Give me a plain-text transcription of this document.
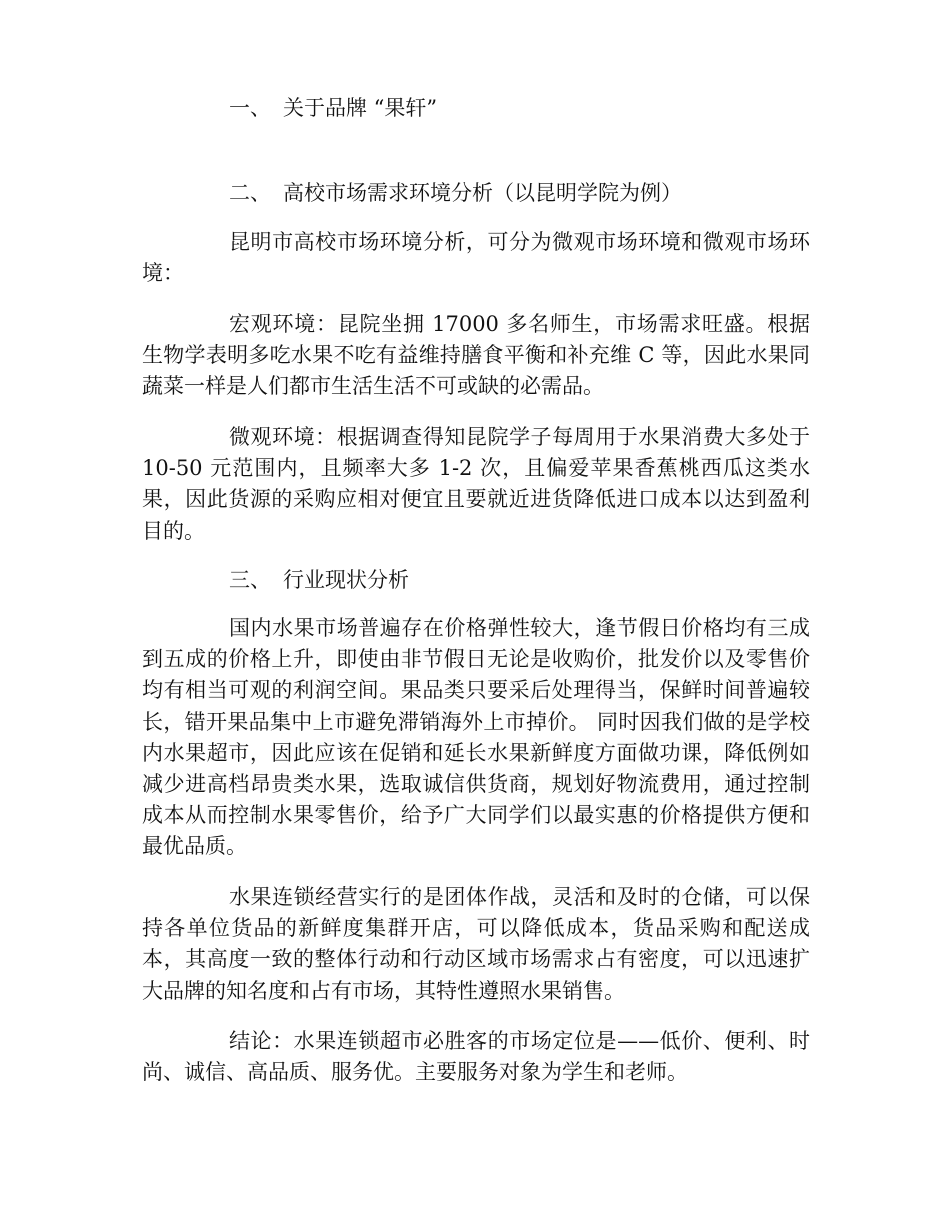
一、 关于品牌 “果轩”
二、 高校市场需求环境分析（以昆明学院为例）

昆明市高校市场环境分析，可分为微观市场环境和微观市场环境：

宏观环境：昆院坐拥 17000 多名师生，市场需求旺盛。根据生物学表明多吃水果不吃有益维持膳食平衡和补充维 C 等，因此水果同蔬菜一样是人们都市生活生活不可或缺的必需品。

微观环境：根据调查得知昆院学子每周用于水果消费大多处于 10-50 元范围内，且频率大多 1-2 次，且偏爱苹果香蕉桃西瓜这类水果，因此货源的采购应相对便宜且要就近进货降低进口成本以达到盈利目的。

三、 行业现状分析

国内水果市场普遍存在价格弹性较大，逢节假日价格均有三成到五成的价格上升，即使由非节假日无论是收购价，批发价以及零售价均有相当可观的利润空间。果品类只要采后处理得当，保鲜时间普遍较长，错开果品集中上市避免滞销海外上市掉价。 同时因我们做的是学校内水果超市，因此应该在促销和延长水果新鲜度方面做功课，降低例如减少进高档昂贵类水果，选取诚信供货商，规划好物流费用，通过控制成本从而控制水果零售价，给予广大同学们以最实惠的价格提供方便和最优品质。

水果连锁经营实行的是团体作战，灵活和及时的仓储，可以保持各单位货品的新鲜度集群开店，可以降低成本，货品采购和配送成本，其高度一致的整体行动和行动区域市场需求占有密度，可以迅速扩大品牌的知名度和占有市场，其特性遵照水果销售。

结论：水果连锁超市必胜客的市场定位是——低价、便利、时尚、诚信、高品质、服务优。主要服务对象为学生和老师。
